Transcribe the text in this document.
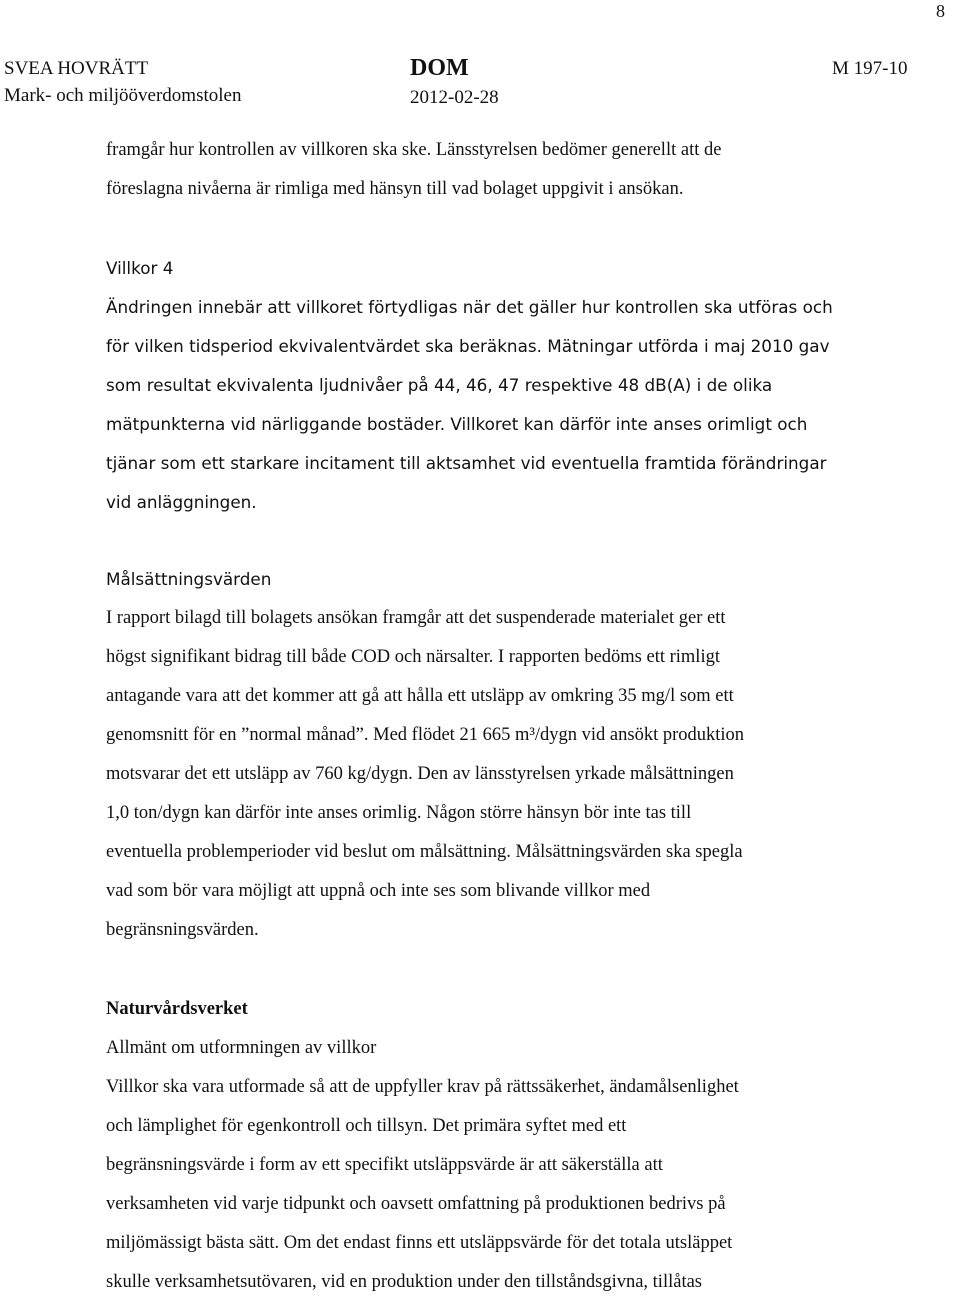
8
SVEA HOVRÄTT
Mark- och miljööverdomstolen
DOM
2012-02-28
M 197-10
framgår hur kontrollen av villkoren ska ske. Länsstyrelsen bedömer generellt att de
föreslagna nivåerna är rimliga med hänsyn till vad bolaget uppgivit i ansökan.
Villkor 4
Ändringen innebär att villkoret förtydligas när det gäller hur kontrollen ska utföras och
för vilken tidsperiod ekvivalentvärdet ska beräknas. Mätningar utförda i maj 2010 gav
som resultat ekvivalenta ljudnivåer på 44, 46, 47 respektive 48 dB(A) i de olika
mätpunkterna vid närliggande bostäder. Villkoret kan därför inte anses orimligt och
tjänar som ett starkare incitament till aktsamhet vid eventuella framtida förändringar
vid anläggningen.
Målsättningsvärden
I rapport bilagd till bolagets ansökan framgår att det suspenderade materialet ger ett
högst signifikant bidrag till både COD och närsalter. I rapporten bedöms ett rimligt
antagande vara att det kommer att gå att hålla ett utsläpp av omkring 35 mg/l som ett
genomsnitt för en ”normal månad”. Med flödet 21 665 m³/dygn vid ansökt produktion
motsvarar det ett utsläpp av 760 kg/dygn. Den av länsstyrelsen yrkade målsättningen
1,0 ton/dygn kan därför inte anses orimlig. Någon större hänsyn bör inte tas till
eventuella problemperioder vid beslut om målsättning. Målsättningsvärden ska spegla
vad som bör vara möjligt att uppnå och inte ses som blivande villkor med
begränsningsvärden.
Naturvårdsverket
Allmänt om utformningen av villkor
Villkor ska vara utformade så att de uppfyller krav på rättssäkerhet, ändamålsenlighet
och lämplighet för egenkontroll och tillsyn. Det primära syftet med ett
begränsningsvärde i form av ett specifikt utsläppsvärde är att säkerställa att
verksamheten vid varje tidpunkt och oavsett omfattning på produktionen bedrivs på
miljömässigt bästa sätt. Om det endast finns ett utsläppsvärde för det totala utsläppet
skulle verksamhetsutövaren, vid en produktion under den tillståndsgivna, tillåtas
